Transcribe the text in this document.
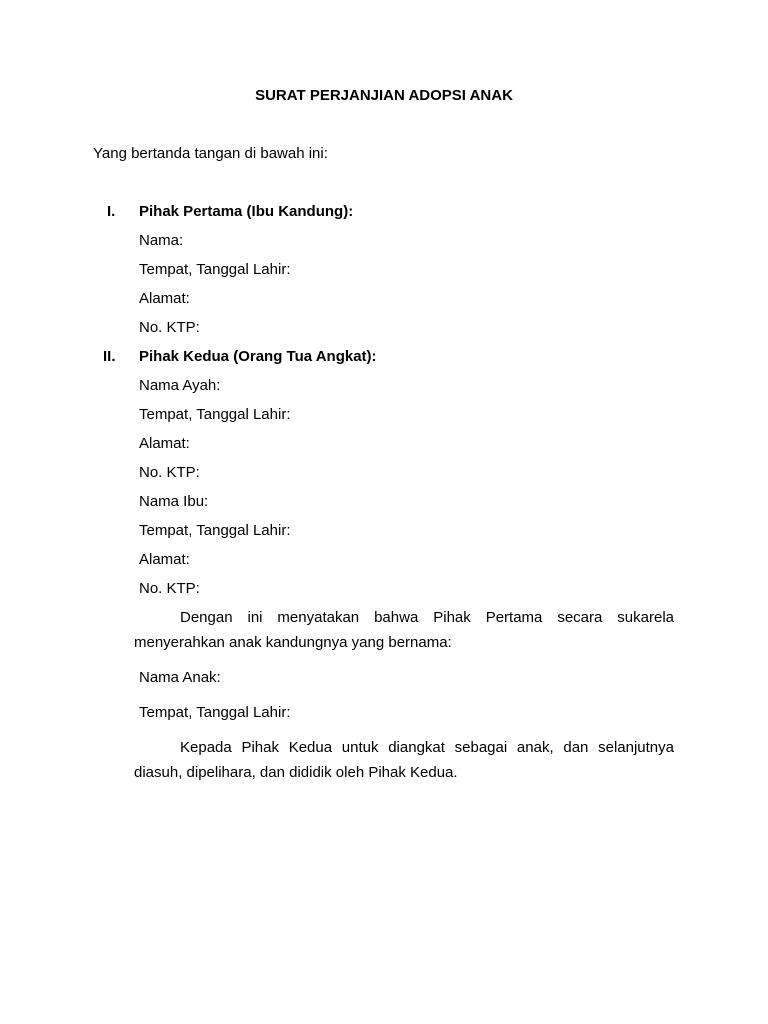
SURAT PERJANJIAN ADOPSI ANAK
Yang bertanda tangan di bawah ini:
I. Pihak Pertama (Ibu Kandung):
Nama:
Tempat, Tanggal Lahir:
Alamat:
No. KTP:
II. Pihak Kedua (Orang Tua Angkat):
Nama Ayah:
Tempat, Tanggal Lahir:
Alamat:
No. KTP:
Nama Ibu:
Tempat, Tanggal Lahir:
Alamat:
No. KTP:
Dengan ini menyatakan bahwa Pihak Pertama secara sukarela menyerahkan anak kandungnya yang bernama:
Nama Anak:
Tempat, Tanggal Lahir:
Kepada Pihak Kedua untuk diangkat sebagai anak, dan selanjutnya diasuh, dipelihara, dan dididik oleh Pihak Kedua.
